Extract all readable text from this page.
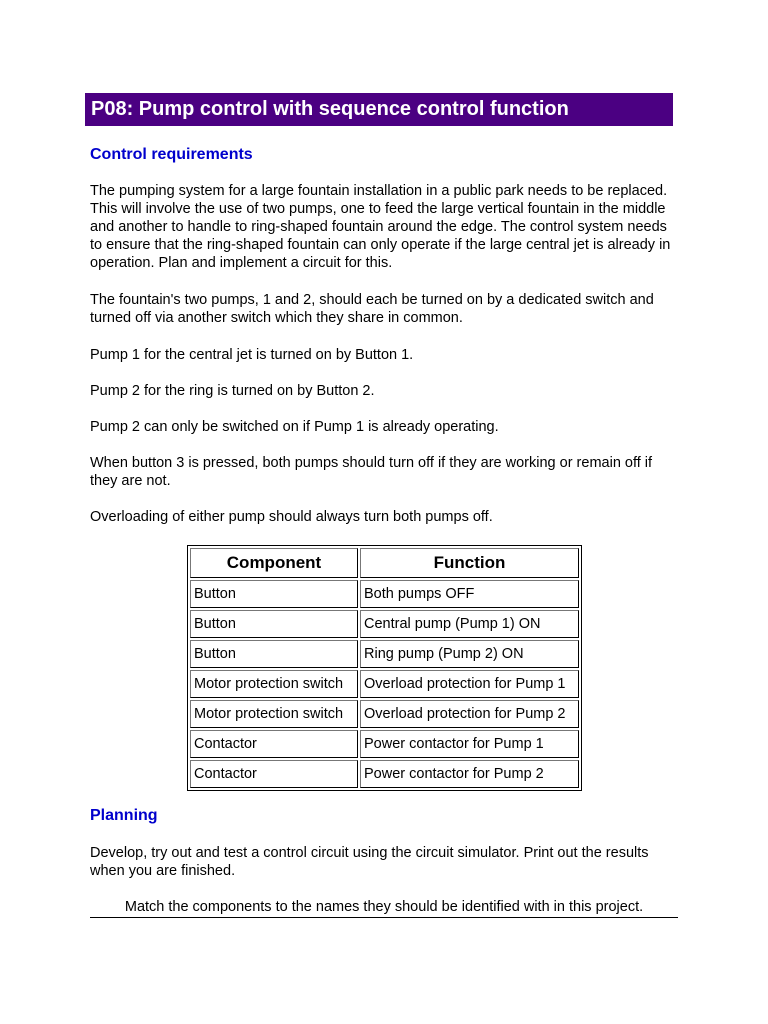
P08: Pump control with sequence control function
Control requirements
The pumping system for a large fountain installation in a public park needs to be replaced. This will involve the use of two pumps, one to feed the large vertical fountain in the middle and another to handle to ring-shaped fountain around the edge. The control system needs to ensure that the ring-shaped fountain can only operate if the large central jet is already in operation. Plan and implement a circuit for this.
The fountain's two pumps, 1 and 2, should each be turned on by a dedicated switch and turned off via another switch which they share in common.
Pump 1 for the central jet is turned on by Button 1.
Pump 2 for the ring is turned on by Button 2.
Pump 2 can only be switched on if Pump 1 is already operating.
When button 3 is pressed, both pumps should turn off if they are working or remain off if they are not.
Overloading of either pump should always turn both pumps off.
Component	Function
Button	Both pumps OFF
Button	Central pump (Pump 1) ON
Button	Ring pump (Pump 2) ON
Motor protection switch	Overload protection for Pump 1
Motor protection switch	Overload protection for Pump 2
Contactor	Power contactor for Pump 1
Contactor	Power contactor for Pump 2
Planning
Develop, try out and test a control circuit using the circuit simulator. Print out the results when you are finished.
Match the components to the names they should be identified with in this project.
